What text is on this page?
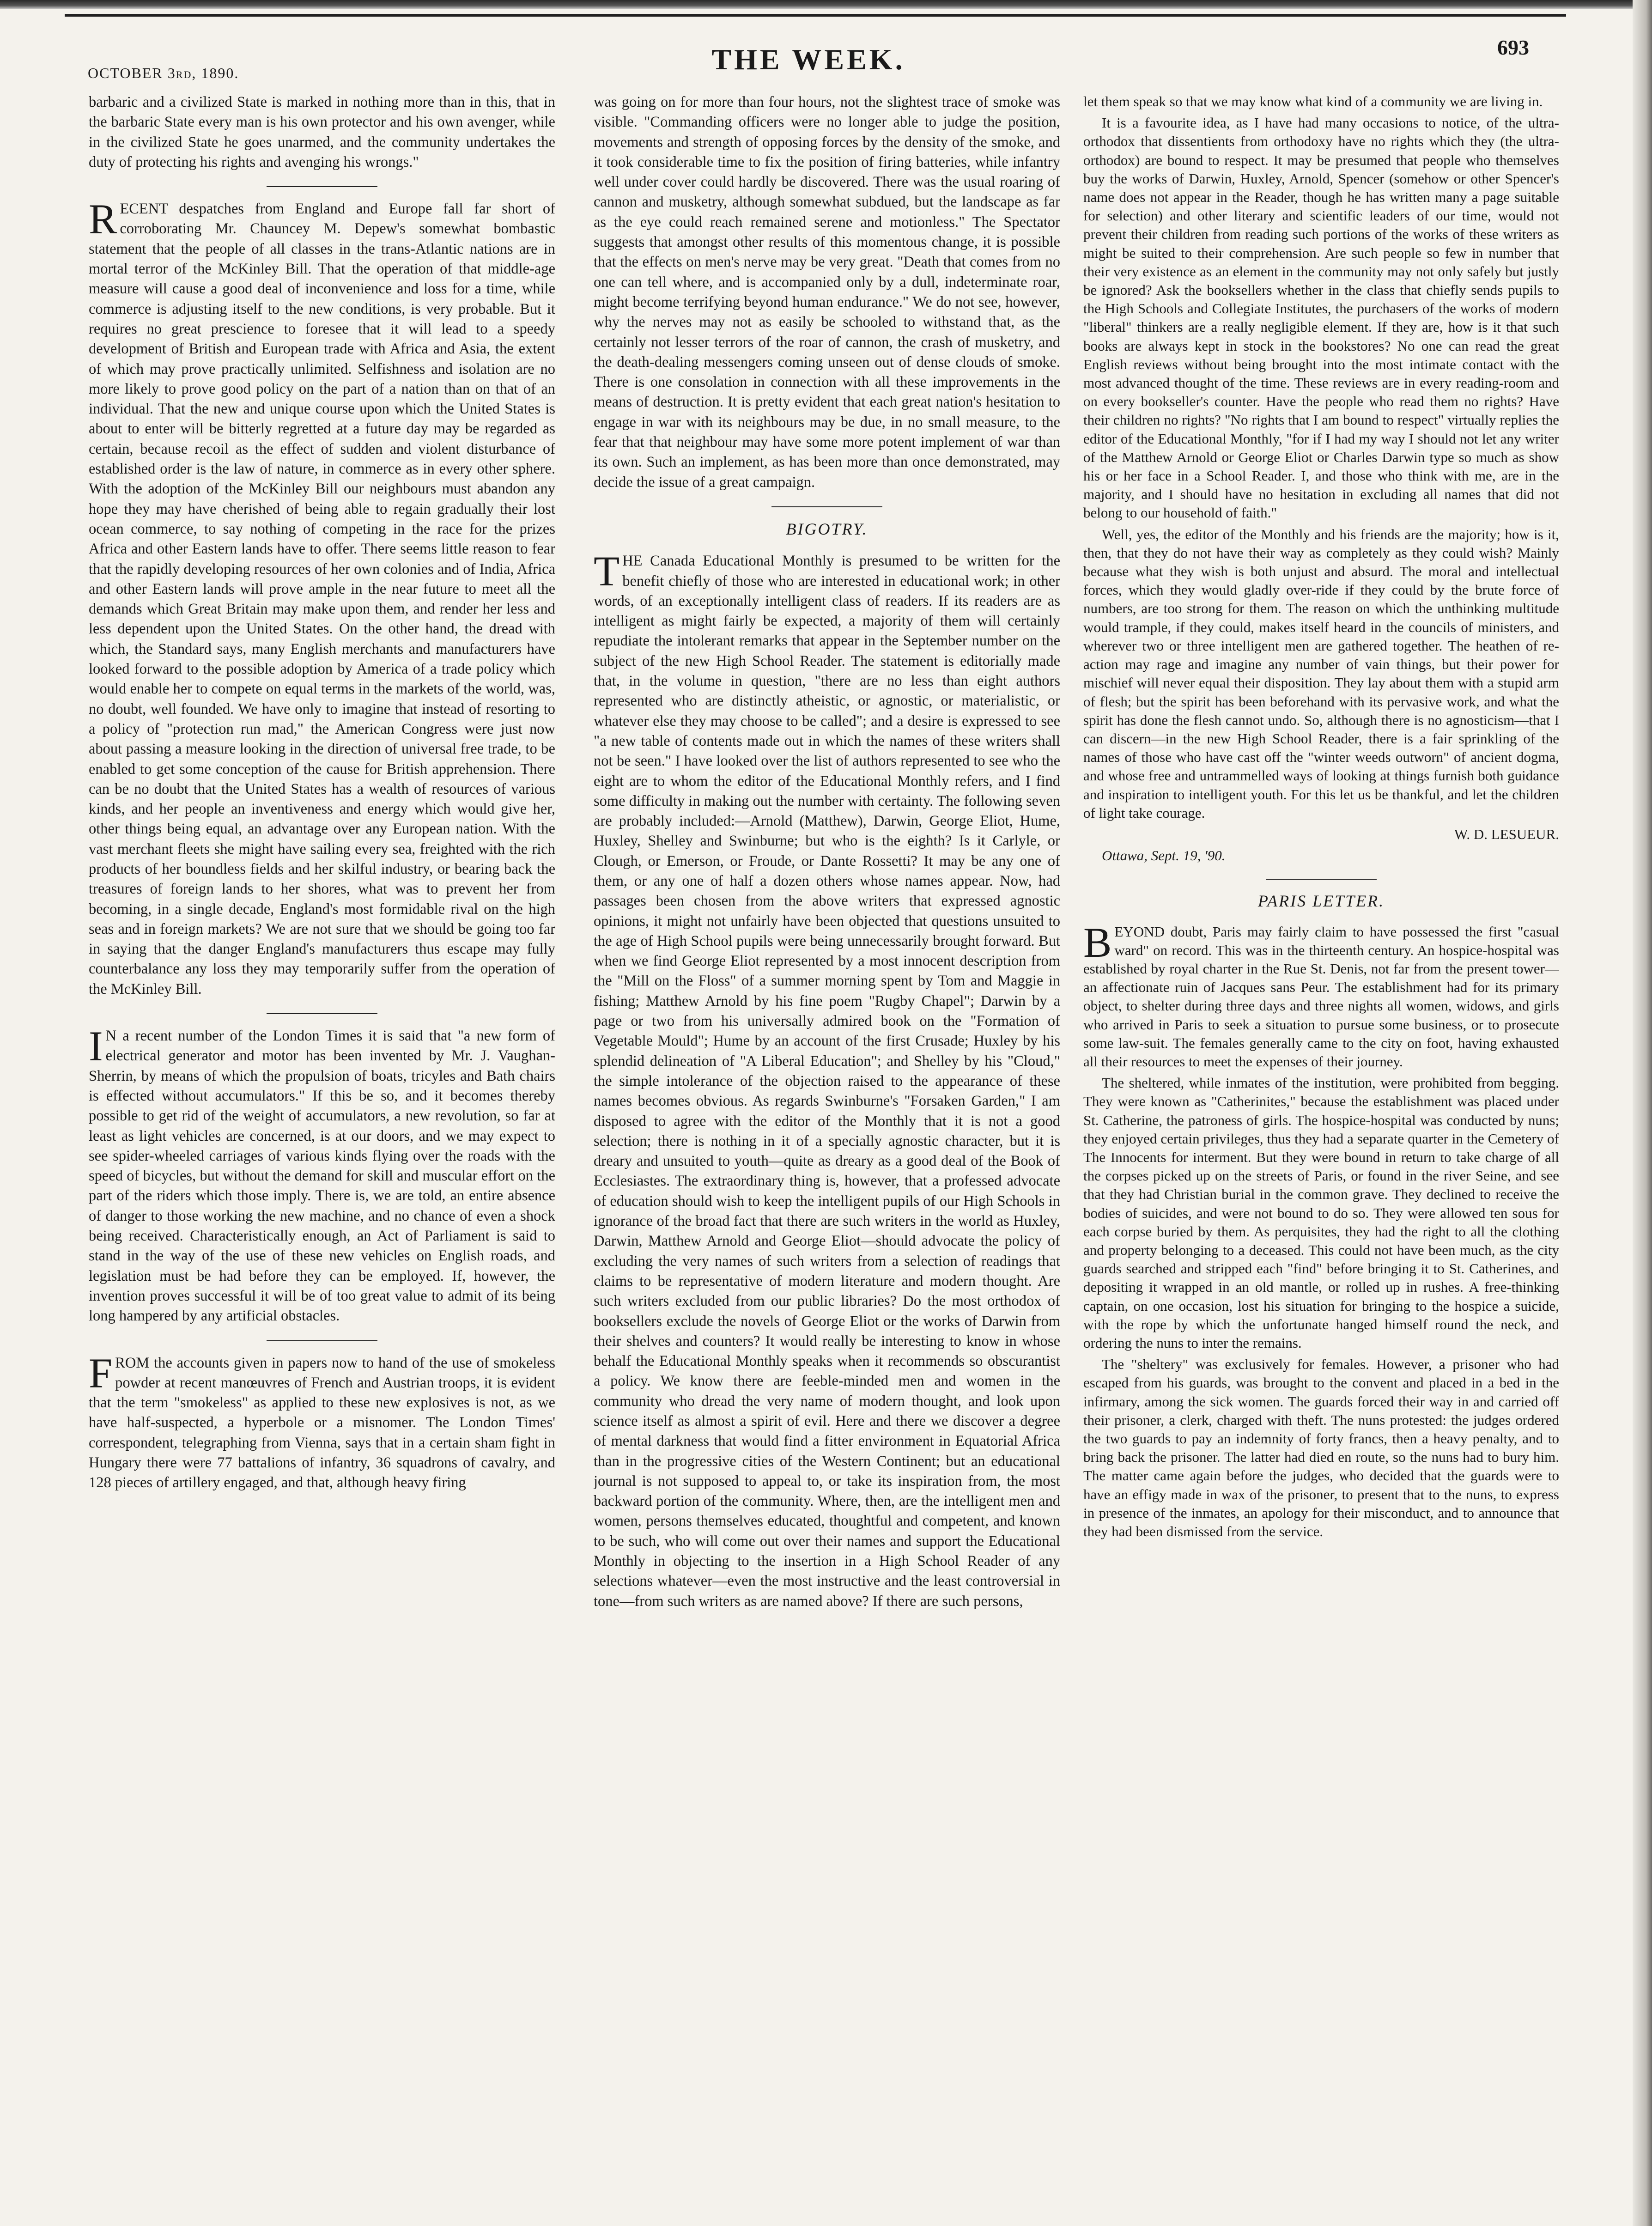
OCTOBER 3rd, 1890.	THE WEEK.	693

barbaric and a civilized State is marked in nothing more than in this, that in the barbaric State every man is his own protector and his own avenger, while in the civilized State he goes unarmed, and the community undertakes the duty of protecting his rights and avenging his wrongs."

RECENT despatches from England and Europe fall far short of corroborating Mr. Chauncey M. Depew's somewhat bombastic statement that the people of all classes in the trans-Atlantic nations are in mortal terror of the McKinley Bill. That the operation of that middle-age measure will cause a good deal of inconvenience and loss for a time, while commerce is adjusting itself to the new conditions, is very probable. But it requires no great prescience to foresee that it will lead to a speedy development of British and European trade with Africa and Asia, the extent of which may prove practically unlimited. Selfishness and isolation are no more likely to prove good policy on the part of a nation than on that of an individual. That the new and unique course upon which the United States is about to enter will be bitterly regretted at a future day may be regarded as certain, because recoil as the effect of sudden and violent disturbance of established order is the law of nature, in commerce as in every other sphere. With the adoption of the McKinley Bill our neighbours must abandon any hope they may have cherished of being able to regain gradually their lost ocean commerce, to say nothing of competing in the race for the prizes Africa and other Eastern lands have to offer. There seems little reason to fear that the rapidly developing resources of her own colonies and of India, Africa and other Eastern lands will prove ample in the near future to meet all the demands which Great Britain may make upon them, and render her less and less dependent upon the United States. On the other hand, the dread with which, the Standard says, many English merchants and manufacturers have looked forward to the possible adoption by America of a trade policy which would enable her to compete on equal terms in the markets of the world, was, no doubt, well founded. We have only to imagine that instead of resorting to a policy of "protection run mad," the American Congress were just now about passing a measure looking in the direction of universal free trade, to be enabled to get some conception of the cause for British apprehension. There can be no doubt that the United States has a wealth of resources of various kinds, and her people an inventiveness and energy which would give her, other things being equal, an advantage over any European nation. With the vast merchant fleets she might have sailing every sea, freighted with the rich products of her boundless fields and her skilful industry, or bearing back the treasures of foreign lands to her shores, what was to prevent her from becoming, in a single decade, England's most formidable rival on the high seas and in foreign markets? We are not sure that we should be going too far in saying that the danger England's manufacturers thus escape may fully counterbalance any loss they may temporarily suffer from the operation of the McKinley Bill.

IN a recent number of the London Times it is said that "a new form of electrical generator and motor has been invented by Mr. J. Vaughan-Sherrin, by means of which the propulsion of boats, tricyles and Bath chairs is effected without accumulators." If this be so, and it becomes thereby possible to get rid of the weight of accumulators, a new revolution, so far at least as light vehicles are concerned, is at our doors, and we may expect to see spider-wheeled carriages of various kinds flying over the roads with the speed of bicycles, but without the demand for skill and muscular effort on the part of the riders which those imply. There is, we are told, an entire absence of danger to those working the new machine, and no chance of even a shock being received. Characteristically enough, an Act of Parliament is said to stand in the way of the use of these new vehicles on English roads, and legislation must be had before they can be employed. If, however, the invention proves successful it will be of too great value to admit of its being long hampered by any artificial obstacles.

FROM the accounts given in papers now to hand of the use of smokeless powder at recent manœuvres of French and Austrian troops, it is evident that the term "smokeless" as applied to these new explosives is not, as we have half-suspected, a hyperbole or a misnomer. The London Times' correspondent, telegraphing from Vienna, says that in a certain sham fight in Hungary there were 77 battalions of infantry, 36 squadrons of cavalry, and 128 pieces of artillery engaged, and that, although heavy firing

was going on for more than four hours, not the slightest trace of smoke was visible. "Commanding officers were no longer able to judge the position, movements and strength of opposing forces by the density of the smoke, and it took considerable time to fix the position of firing batteries, while infantry well under cover could hardly be discovered. There was the usual roaring of cannon and musketry, although somewhat subdued, but the landscape as far as the eye could reach remained serene and motionless." The Spectator suggests that amongst other results of this momentous change, it is possible that the effects on men's nerve may be very great. "Death that comes from no one can tell where, and is accompanied only by a dull, indeterminate roar, might become terrifying beyond human endurance." We do not see, however, why the nerves may not as easily be schooled to withstand that, as the certainly not lesser terrors of the roar of cannon, the crash of musketry, and the death-dealing messengers coming unseen out of dense clouds of smoke. There is one consolation in connection with all these improvements in the means of destruction. It is pretty evident that each great nation's hesitation to engage in war with its neighbours may be due, in no small measure, to the fear that that neighbour may have some more potent implement of war than its own. Such an implement, as has been more than once demonstrated, may decide the issue of a great campaign.

BIGOTRY.

THE Canada Educational Monthly is presumed to be written for the benefit chiefly of those who are interested in educational work; in other words, of an exceptionally intelligent class of readers. If its readers are as intelligent as might fairly be expected, a majority of them will certainly repudiate the intolerant remarks that appear in the September number on the subject of the new High School Reader. The statement is editorially made that, in the volume in question, "there are no less than eight authors represented who are distinctly atheistic, or agnostic, or materialistic, or whatever else they may choose to be called"; and a desire is expressed to see "a new table of contents made out in which the names of these writers shall not be seen." I have looked over the list of authors represented to see who the eight are to whom the editor of the Educational Monthly refers, and I find some difficulty in making out the number with certainty. The following seven are probably included:—Arnold (Matthew), Darwin, George Eliot, Hume, Huxley, Shelley and Swinburne; but who is the eighth? Is it Carlyle, or Clough, or Emerson, or Froude, or Dante Rossetti? It may be any one of them, or any one of half a dozen others whose names appear. Now, had passages been chosen from the above writers that expressed agnostic opinions, it might not unfairly have been objected that questions unsuited to the age of High School pupils were being unnecessarily brought forward. But when we find George Eliot represented by a most innocent description from the "Mill on the Floss" of a summer morning spent by Tom and Maggie in fishing; Matthew Arnold by his fine poem "Rugby Chapel"; Darwin by a page or two from his universally admired book on the "Formation of Vegetable Mould"; Hume by an account of the first Crusade; Huxley by his splendid delineation of "A Liberal Education"; and Shelley by his "Cloud," the simple intolerance of the objection raised to the appearance of these names becomes obvious. As regards Swinburne's "Forsaken Garden," I am disposed to agree with the editor of the Monthly that it is not a good selection; there is nothing in it of a specially agnostic character, but it is dreary and unsuited to youth—quite as dreary as a good deal of the Book of Ecclesiastes. The extraordinary thing is, however, that a professed advocate of education should wish to keep the intelligent pupils of our High Schools in ignorance of the broad fact that there are such writers in the world as Huxley, Darwin, Matthew Arnold and George Eliot—should advocate the policy of excluding the very names of such writers from a selection of readings that claims to be representative of modern literature and modern thought. Are such writers excluded from our public libraries? Do the most orthodox of booksellers exclude the novels of George Eliot or the works of Darwin from their shelves and counters? It would really be interesting to know in whose behalf the Educational Monthly speaks when it recommends so obscurantist a policy. We know there are feeble-minded men and women in the community who dread the very name of modern thought, and look upon science itself as almost a spirit of evil. Here and there we discover a degree of mental darkness that would find a fitter environment in Equatorial Africa than in the progressive cities of the Western Continent; but an educational journal is not supposed to appeal to, or take its inspiration from, the most backward portion of the community. Where, then, are the intelligent men and women, persons themselves educated, thoughtful and competent, and known to be such, who will come out over their names and support the Educational Monthly in objecting to the insertion in a High School Reader of any selections whatever—even the most instructive and the least controversial in tone—from such writers as are named above? If there are such persons,

let them speak so that we may know what kind of a community we are living in.

It is a favourite idea, as I have had many occasions to notice, of the ultra-orthodox that dissentients from orthodoxy have no rights which they (the ultra-orthodox) are bound to respect. It may be presumed that people who themselves buy the works of Darwin, Huxley, Arnold, Spencer (somehow or other Spencer's name does not appear in the Reader, though he has written many a page suitable for selection) and other literary and scientific leaders of our time, would not prevent their children from reading such portions of the works of these writers as might be suited to their comprehension. Are such people so few in number that their very existence as an element in the community may not only safely but justly be ignored? Ask the booksellers whether in the class that chiefly sends pupils to the High Schools and Collegiate Institutes, the purchasers of the works of modern "liberal" thinkers are a really negligible element. If they are, how is it that such books are always kept in stock in the bookstores? No one can read the great English reviews without being brought into the most intimate contact with the most advanced thought of the time. These reviews are in every reading-room and on every bookseller's counter. Have the people who read them no rights? Have their children no rights? "No rights that I am bound to respect" virtually replies the editor of the Educational Monthly, "for if I had my way I should not let any writer of the Matthew Arnold or George Eliot or Charles Darwin type so much as show his or her face in a School Reader. I, and those who think with me, are in the majority, and I should have no hesitation in excluding all names that did not belong to our household of faith."

Well, yes, the editor of the Monthly and his friends are the majority; how is it, then, that they do not have their way as completely as they could wish? Mainly because what they wish is both unjust and absurd. The moral and intellectual forces, which they would gladly over-ride if they could by the brute force of numbers, are too strong for them. The reason on which the unthinking multitude would trample, if they could, makes itself heard in the councils of ministers, and wherever two or three intelligent men are gathered together. The heathen of re-action may rage and imagine any number of vain things, but their power for mischief will never equal their disposition. They lay about them with a stupid arm of flesh; but the spirit has been beforehand with its pervasive work, and what the spirit has done the flesh cannot undo. So, although there is no agnosticism—that I can discern—in the new High School Reader, there is a fair sprinkling of the names of those who have cast off the "winter weeds outworn" of ancient dogma, and whose free and untrammelled ways of looking at things furnish both guidance and inspiration to intelligent youth. For this let us be thankful, and let the children of light take courage.

W. D. LESUEUR.

Ottawa, Sept. 19, '90.

PARIS LETTER.

BEYOND doubt, Paris may fairly claim to have possessed the first "casual ward" on record. This was in the thirteenth century. An hospice-hospital was established by royal charter in the Rue St. Denis, not far from the present tower—an affectionate ruin of Jacques sans Peur. The establishment had for its primary object, to shelter during three days and three nights all women, widows, and girls who arrived in Paris to seek a situation to pursue some business, or to prosecute some law-suit. The females generally came to the city on foot, having exhausted all their resources to meet the expenses of their journey.

The sheltered, while inmates of the institution, were prohibited from begging. They were known as "Catherinites," because the establishment was placed under St. Catherine, the patroness of girls. The hospice-hospital was conducted by nuns; they enjoyed certain privileges, thus they had a separate quarter in the Cemetery of The Innocents for interment. But they were bound in return to take charge of all the corpses picked up on the streets of Paris, or found in the river Seine, and see that they had Christian burial in the common grave. They declined to receive the bodies of suicides, and were not bound to do so. They were allowed ten sous for each corpse buried by them. As perquisites, they had the right to all the clothing and property belonging to a deceased. This could not have been much, as the city guards searched and stripped each "find" before bringing it to St. Catherines, and depositing it wrapped in an old mantle, or rolled up in rushes. A free-thinking captain, on one occasion, lost his situation for bringing to the hospice a suicide, with the rope by which the unfortunate hanged himself round the neck, and ordering the nuns to inter the remains.

The "sheltery" was exclusively for females. However, a prisoner who had escaped from his guards, was brought to the convent and placed in a bed in the infirmary, among the sick women. The guards forced their way in and carried off their prisoner, a clerk, charged with theft. The nuns protested: the judges ordered the two guards to pay an indemnity of forty francs, then a heavy penalty, and to bring back the prisoner. The latter had died en route, so the nuns had to bury him. The matter came again before the judges, who decided that the guards were to have an effigy made in wax of the prisoner, to present that to the nuns, to express in presence of the inmates, an apology for their misconduct, and to announce that they had been dismissed from the service.
